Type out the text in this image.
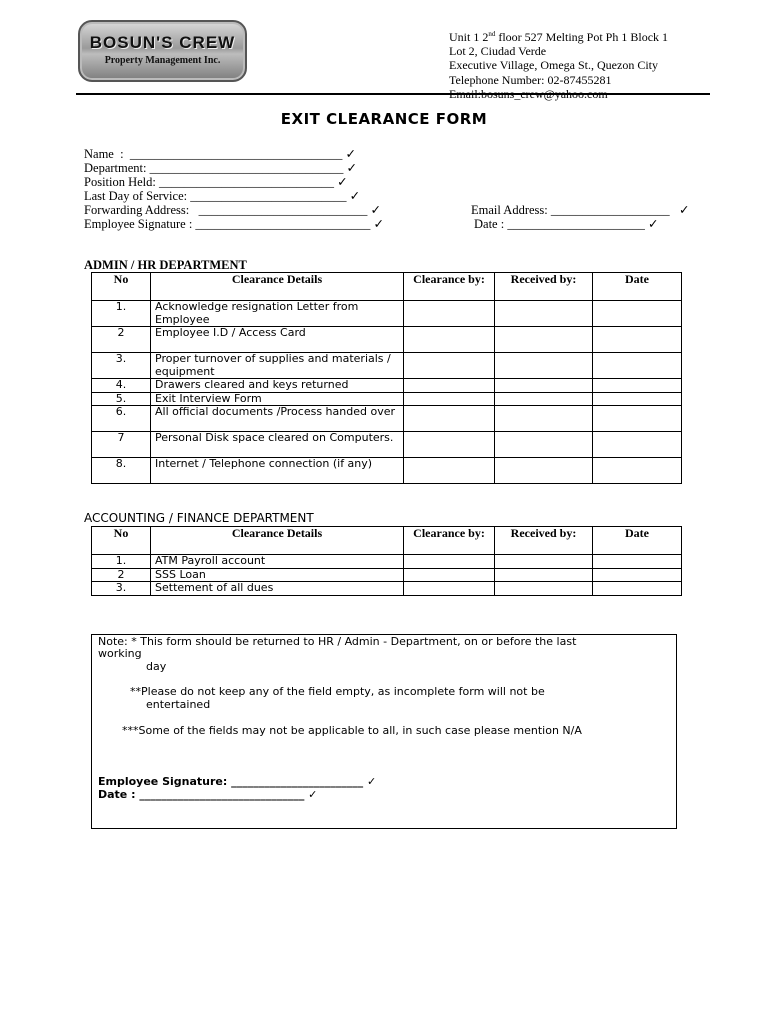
BOSUN'S CREW
Property Management Inc.
Unit 1 2nd floor 527 Melting Pot Ph 1 Block 1
Lot 2, Ciudad Verde
Executive Village, Omega St., Quezon City
Telephone Number: 02-87455281
Email:bosuns_crew@yahoo.com
EXIT CLEARANCE FORM
Name  :  __________________________________ ✓
Department: _______________________________ ✓
Position Held: ____________________________ ✓
Last Day of Service: _________________________ ✓
Forwarding Address:   ___________________________ ✓
Employee Signature : ____________________________ ✓
Email Address: ___________________   ✓
Date : ______________________ ✓
ADMIN / HR DEPARTMENT
No	Clearance Details	Clearance by:	Received by:	Date
1.	Acknowledge resignation Letter from Employee			
2	Employee I.D / Access Card			
3.	Proper turnover of supplies and materials / equipment			
4.	Drawers cleared and keys returned			
5.	Exit Interview Form			
6.	All official documents /Process handed over			
7	Personal Disk space cleared on Computers.			
8.	Internet / Telephone connection (if any)			
ACCOUNTING / FINANCE DEPARTMENT
No	Clearance Details	Clearance by:	Received by:	Date
1.	ATM Payroll account			
2	SSS Loan			
3.	Settement of all dues			
Note: * This form should be returned to HR / Admin - Department, on or before the last
working
day
**Please do not keep any of the field empty, as incomplete form will not be
entertained
***Some of the fields may not be applicable to all, in such case please mention N/A
Employee Signature: ________________________ ✓
Date : ______________________________ ✓
